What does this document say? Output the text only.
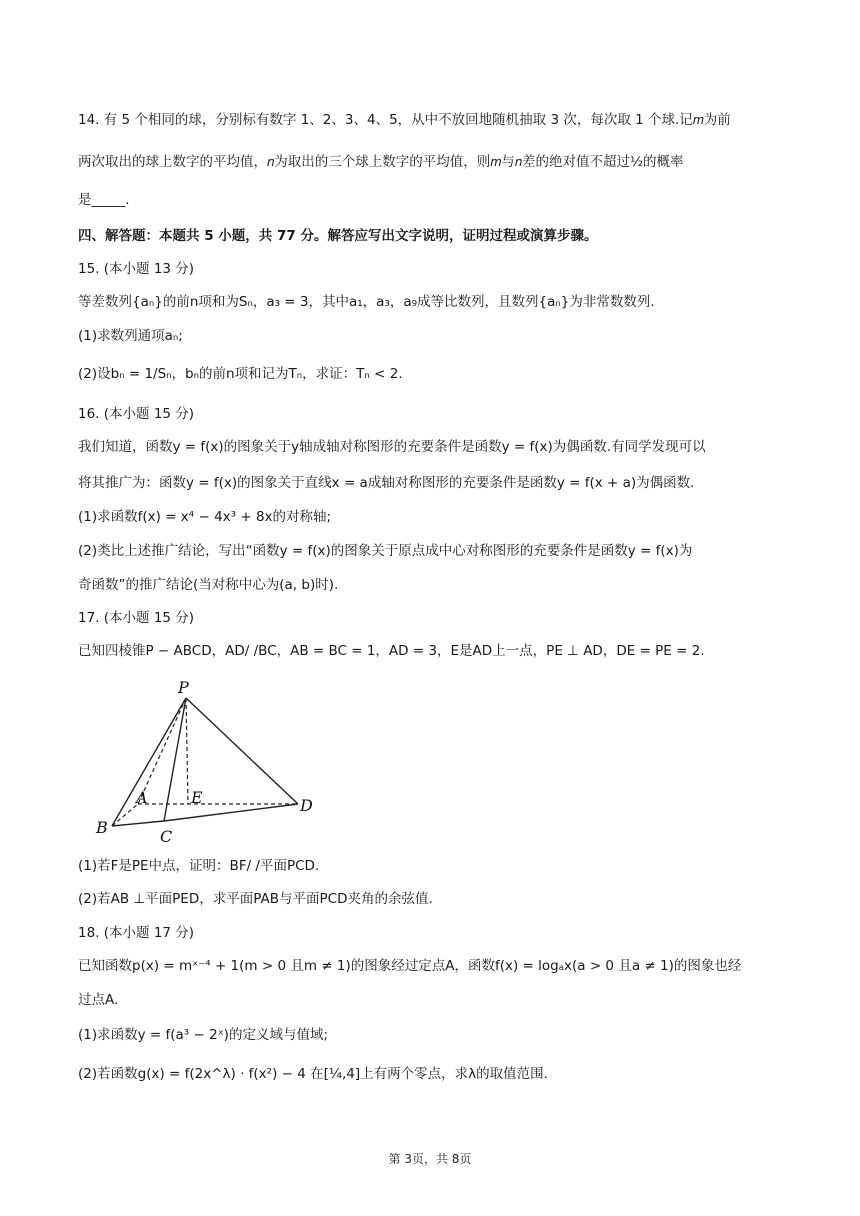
14. 有 5 个相同的球，分别标有数字 1、2、3、4、5，从中不放回地随机抽取 3 次，每次取 1 个球.记𝑚为前
两次取出的球上数字的平均值，𝑛为取出的三个球上数字的平均值，则𝑚与𝑛差的绝对值不超过½的概率
是_____.
四、解答题：本题共 5 小题，共 77 分。解答应写出文字说明，证明过程或演算步骤。
15. (本小题 13 分)
等差数列{aₙ}的前n项和为Sₙ，a₃ = 3，其中a₁，a₃，a₉成等比数列，且数列{aₙ}为非常数数列.
(1)求数列通项aₙ;
(2)设bₙ = 1/Sₙ，bₙ的前n项和记为Tₙ，求证：Tₙ < 2.
16. (本小题 15 分)
我们知道，函数y = f(x)的图象关于y轴成轴对称图形的充要条件是函数y = f(x)为偶函数.有同学发现可以
将其推广为：函数y = f(x)的图象关于直线x = a成轴对称图形的充要条件是函数y = f(x + a)为偶函数.
(1)求函数f(x) = x⁴ − 4x³ + 8x的对称轴;
(2)类比上述推广结论，写出“函数y = f(x)的图象关于原点成中心对称图形的充要条件是函数y = f(x)为
奇函数”的推广结论(当对称中心为(a, b)时).
17. (本小题 15 分)
已知四棱锥P − ABCD，AD/ /BC，AB = BC = 1，AD = 3，E是AD上一点，PE ⊥ AD，DE = PE = 2.
P
A
B	C
D
E
(1)若F是PE中点，证明：BF/ /平面PCD.
(2)若AB ⊥平面PED，求平面PAB与平面PCD夹角的余弦值.
18. (本小题 17 分)
已知函数p(x) = mˣ⁻⁴ + 1(m > 0 且m ≠ 1)的图象经过定点A，函数f(x) = logₐx(a > 0 且a ≠ 1)的图象也经
过点A.
(1)求函数y = f(a³ − 2ˣ)的定义域与值域;
(2)若函数g(x) = f(2x^λ) · f(x²) − 4 在[¼,4]上有两个零点，求λ的取值范围.
第 3页，共 8页
